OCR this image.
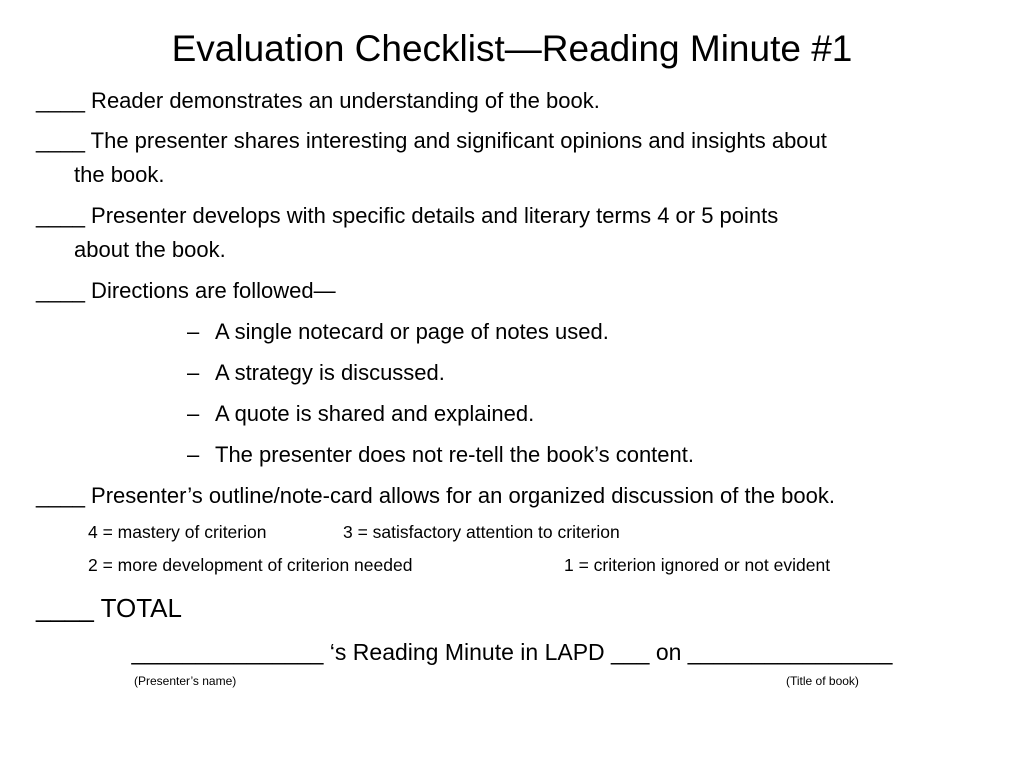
Evaluation Checklist—Reading Minute #1
____ Reader demonstrates an understanding of the book.
____ The presenter shares interesting and significant opinions and insights about
the book.
____ Presenter develops with specific details and literary terms 4 or 5 points
about the book.
____ Directions are followed—
– A single notecard or page of notes used.
– A strategy is discussed.
– A quote is shared and explained.
– The presenter does not re-tell the book’s content.
____ Presenter’s outline/note-card allows for an organized discussion of the book.
4 = mastery of criterion	3 = satisfactory attention to criterion
2 = more development of criterion needed	1 = criterion ignored or not evident
____ TOTAL
_______________ ‘s Reading Minute in LAPD ___ on ________________
(Presenter’s name)	(Title of book)
